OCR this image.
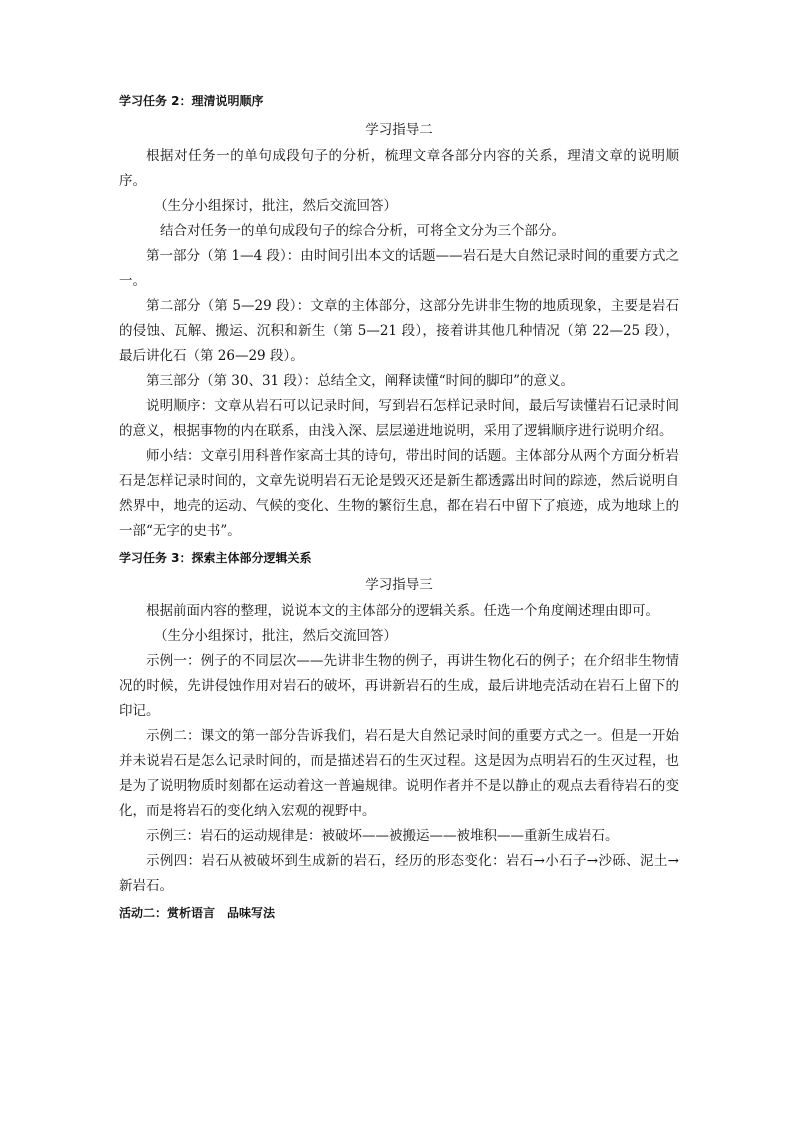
学习任务 2：理清说明顺序
学习指导二

根据对任务一的单句成段句子的分析，梳理文章各部分内容的关系，理清文章的说明顺序。

（生分小组探讨，批注，然后交流回答）

结合对任务一的单句成段句子的综合分析，可将全文分为三个部分。

第一部分（第 1—4 段）：由时间引出本文的话题——岩石是大自然记录时间的重要方式之一。

第二部分（第 5—29 段）：文章的主体部分，这部分先讲非生物的地质现象，主要是岩石的侵蚀、瓦解、搬运、沉积和新生（第 5—21 段），接着讲其他几种情况（第 22—25 段），最后讲化石（第 26—29 段）。

第三部分（第 30、31 段）：总结全文，阐释读懂“时间的脚印”的意义。

说明顺序：文章从岩石可以记录时间，写到岩石怎样记录时间，最后写读懂岩石记录时间的意义，根据事物的内在联系，由浅入深、层层递进地说明，采用了逻辑顺序进行说明介绍。

师小结：文章引用科普作家高士其的诗句，带出时间的话题。主体部分从两个方面分析岩石是怎样记录时间的，文章先说明岩石无论是毁灭还是新生都透露出时间的踪迹，然后说明自然界中，地壳的运动、气候的变化、生物的繁衍生息，都在岩石中留下了痕迹，成为地球上的一部“无字的史书”。

学习任务 3：探索主体部分逻辑关系
学习指导三

根据前面内容的整理，说说本文的主体部分的逻辑关系。任选一个角度阐述理由即可。

（生分小组探讨，批注，然后交流回答）

示例一：例子的不同层次——先讲非生物的例子，再讲生物化石的例子；在介绍非生物情况的时候，先讲侵蚀作用对岩石的破坏，再讲新岩石的生成，最后讲地壳活动在岩石上留下的印记。

示例二：课文的第一部分告诉我们，岩石是大自然记录时间的重要方式之一。但是一开始并未说岩石是怎么记录时间的，而是描述岩石的生灭过程。这是因为点明岩石的生灭过程，也是为了说明物质时刻都在运动着这一普遍规律。说明作者并不是以静止的观点去看待岩石的变化，而是将岩石的变化纳入宏观的视野中。

示例三：岩石的运动规律是：被破坏——被搬运——被堆积——重新生成岩石。

示例四：岩石从被破坏到生成新的岩石，经历的形态变化：岩石→小石子→沙砾、泥土→新岩石。

活动二：赏析语言　品味写法
